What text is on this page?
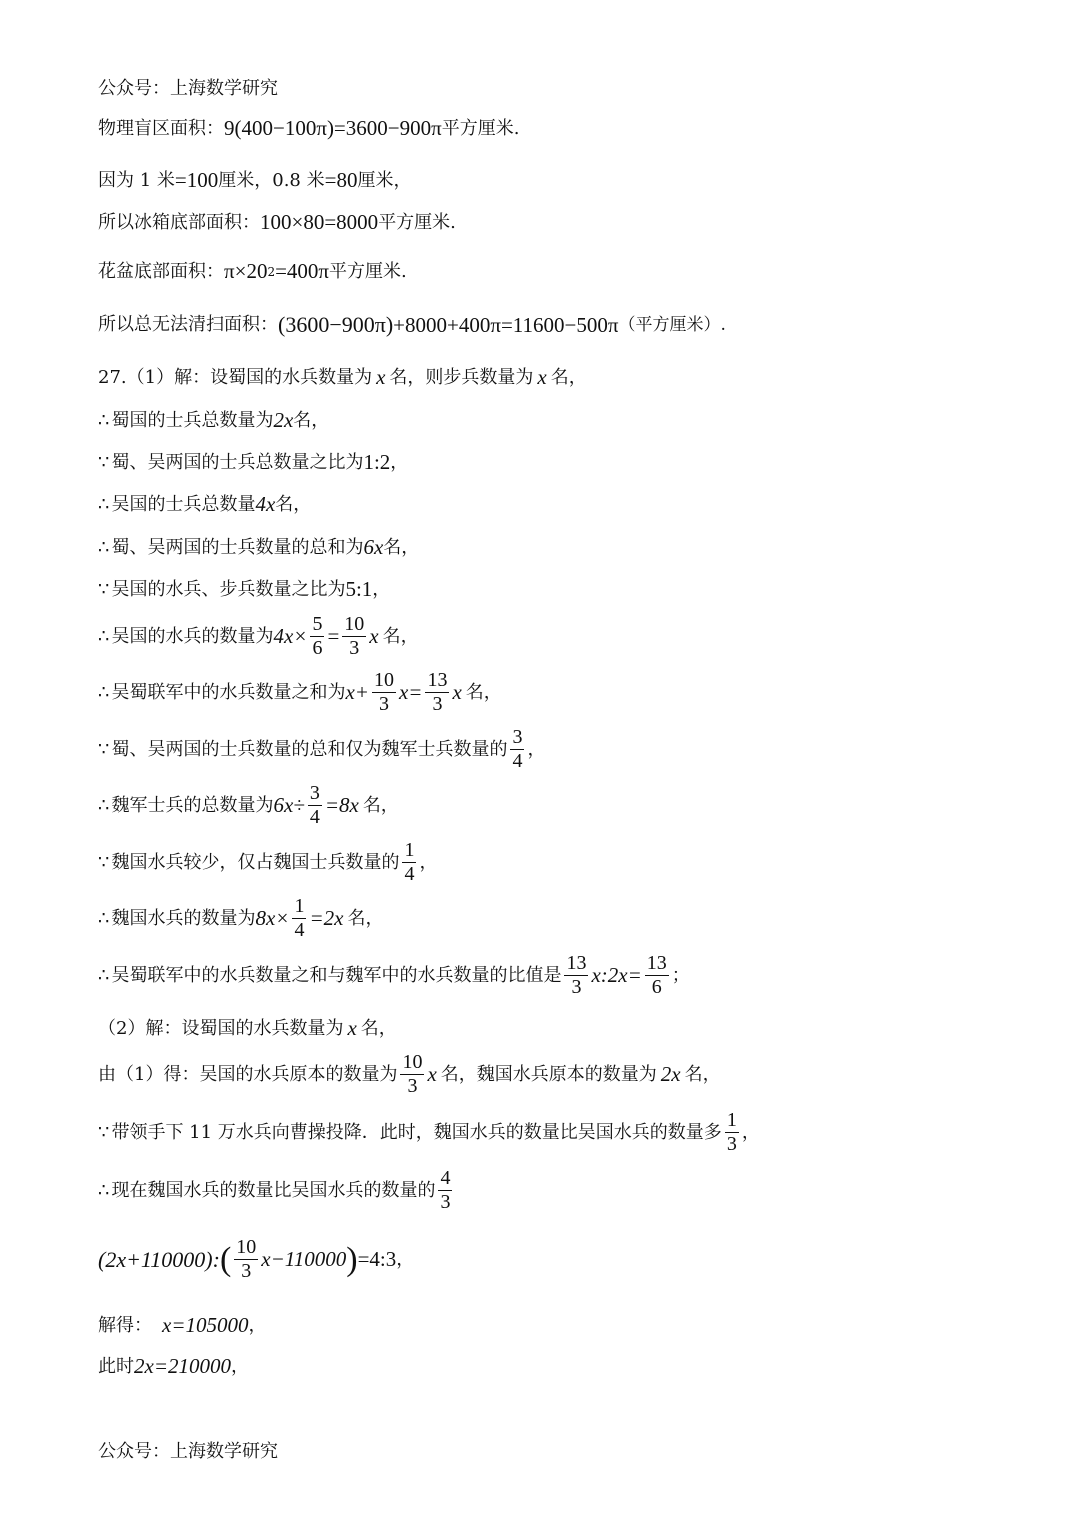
公众号：上海数学研究
物理盲区面积： 9(400−100π)=3600−900π 平方厘米.
因为 1 米 =100 厘米，0.8 米 =80 厘米，
所以冰箱底部面积： 100×80=8000 平方厘米.
花盆底部面积： π×20 2 =400π 平方厘米.
所以总无法清扫面积： (3600−900π) +8000+400π=11600−500π （平方厘米）.
27.（1）解：设蜀国的水兵数量为 x 名，则步兵数量为 x 名，
∴ 蜀国的士兵总数量为 2x 名，
∵ 蜀、吴两国的士兵总数量之比为 1:2 ，
∴ 吴国的士兵总数量 4x 名，
∴ 蜀、吴两国的士兵数量的总和为 6x 名，
∵ 吴国的水兵、步兵数量之比为 5:1 ，
∴ 吴国的水兵的数量为 $4x\times \frac{5}{6} = \frac{10}{3}$ x 名，
∴ 吴蜀联军中的水兵数量之和为 $x+ \frac{10}{3} x= \frac{13}{3}$ x 名，
∵ 蜀、吴两国的士兵数量的总和仅为魏军士兵数量的 $\frac{3}{4}$ ，
∴ 魏军士兵的总数量为 $6x\div \frac{3}{4} =8x$ 名，
∵ 魏国水兵较少，仅占魏国士兵数量的 $\frac{1}{4}$ ，
∴ 魏国水兵的数量为 $8x\times \frac{1}{4} =2x$ 名，
∴ 吴蜀联军中的水兵数量之和与魏军中的水兵数量的比值是 $\frac{13}{3}$ x:2x= $\frac{13}{6}$ ；
（2）解：设蜀国的水兵数量为 x 名，
由（1）得：吴国的水兵原本的数量为 $\frac{10}{3}$ x 名，魏国水兵原本的数量为 2x 名，
∵ 带领手下 11 万水兵向曹操投降．此时，魏国水兵的数量比吴国水兵的数量多 $\frac{1}{3}$ ，
∴ 现在魏国水兵的数量比吴国水兵的数量的 $\frac{4}{3}$
(2x+110000): ( $\frac{10}{3} x-110000$ ) =4:3 ，
解得： x=105000 ，
此时 2x=210000 ，
公众号：上海数学研究
